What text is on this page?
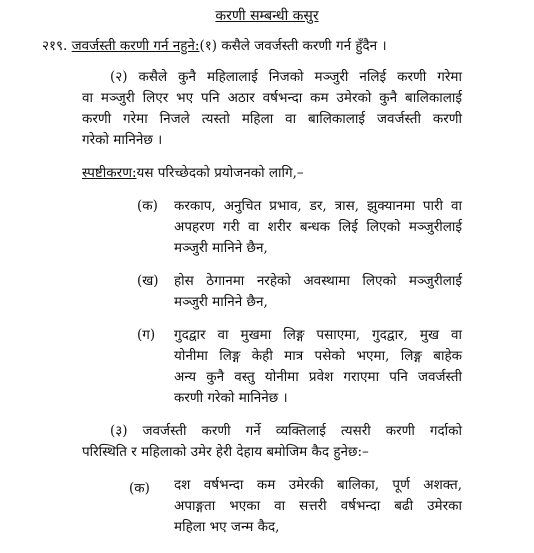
करणी सम्बन्धी कसुर
२१९. जवर्जस्ती करणी गर्न नहुने:(१) कसैले जवर्जस्ती करणी गर्न हुँदैन ।
(२) कसैले कुनै महिलालाई निजको मञ्जुरी नलिई करणी गरेमा
वा मञ्जुरी लिएर भए पनि अठार वर्षभन्दा कम उमेरको कुनै बालिकालाई
करणी गरेमा निजले त्यस्तो महिला वा बालिकालाई जवर्जस्ती करणी
गरेको मानिनेछ ।
स्पष्टीकरण:यस परिच्छेदको प्रयोजनको लागि,–
(क) करकाप, अनुचित प्रभाव, डर, त्रास, झुक्यानमा पारी वा
अपहरण गरी वा शरीर बन्धक लिई लिएको मञ्जुरीलाई
मञ्जुरी मानिने छैन,
(ख) होस ठेगानमा नरहेको अवस्थामा लिएको मञ्जुरीलाई
मञ्जुरी मानिने छैन,
(ग) गुदद्वार वा मुखमा लिङ्ग पसाएमा, गुदद्वार, मुख वा
योनीमा लिङ्ग केही मात्र पसेको भएमा, लिङ्ग बाहेक
अन्य कुनै वस्तु योनीमा प्रवेश गराएमा पनि जवर्जस्ती
करणी गरेको मानिनेछ ।
(३) जवर्जस्ती करणी गर्ने व्यक्तिलाई त्यसरी करणी गर्दाको
परिस्थिति र महिलाको उमेर हेरी देहाय बमोजिम कैद हुनेछ:–
(क) दश वर्षभन्दा कम उमेरकी बालिका, पूर्ण अशक्त,
अपाङ्गता भएका वा सत्तरी वर्षभन्दा बढी उमेरका
महिला भए जन्म कैद,
